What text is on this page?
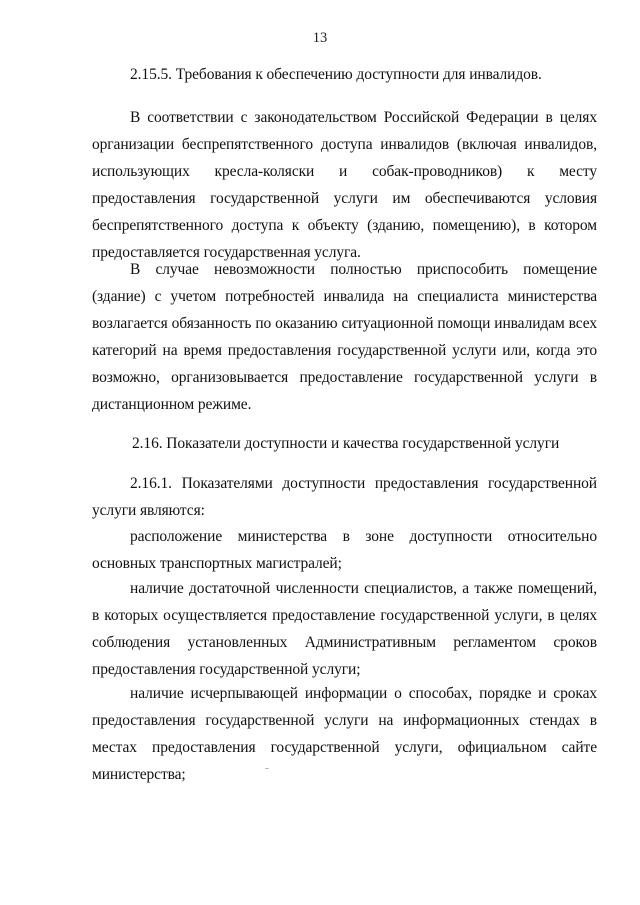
13
2.15.5. Требования к обеспечению доступности для инвалидов.
В соответствии с законодательством Российской Федерации в целях организации беспрепятственного доступа инвалидов (включая инвалидов, использующих кресла-коляски и собак-проводников) к месту предоставления государственной услуги им обеспечиваются условия беспрепятственного доступа к объекту (зданию, помещению), в котором предоставляется государственная услуга.
В случае невозможности полностью приспособить помещение (здание) с учетом потребностей инвалида на специалиста министерства возлагается обязанность по оказанию ситуационной помощи инвалидам всех категорий на время предоставления государственной услуги или, когда это возможно, организовывается предоставление государственной услуги в дистанционном режиме.
2.16. Показатели доступности и качества государственной услуги
2.16.1. Показателями доступности предоставления государственной услуги являются:
расположение министерства в зоне доступности относительно основных транспортных магистралей;
наличие достаточной численности специалистов, а также помещений, в которых осуществляется предоставление государственной услуги, в целях соблюдения установленных Административным регламентом сроков предоставления государственной услуги;
наличие исчерпывающей информации о способах, порядке и сроках предоставления государственной услуги на информационных стендах в местах предоставления государственной услуги, официальном сайте министерства;
